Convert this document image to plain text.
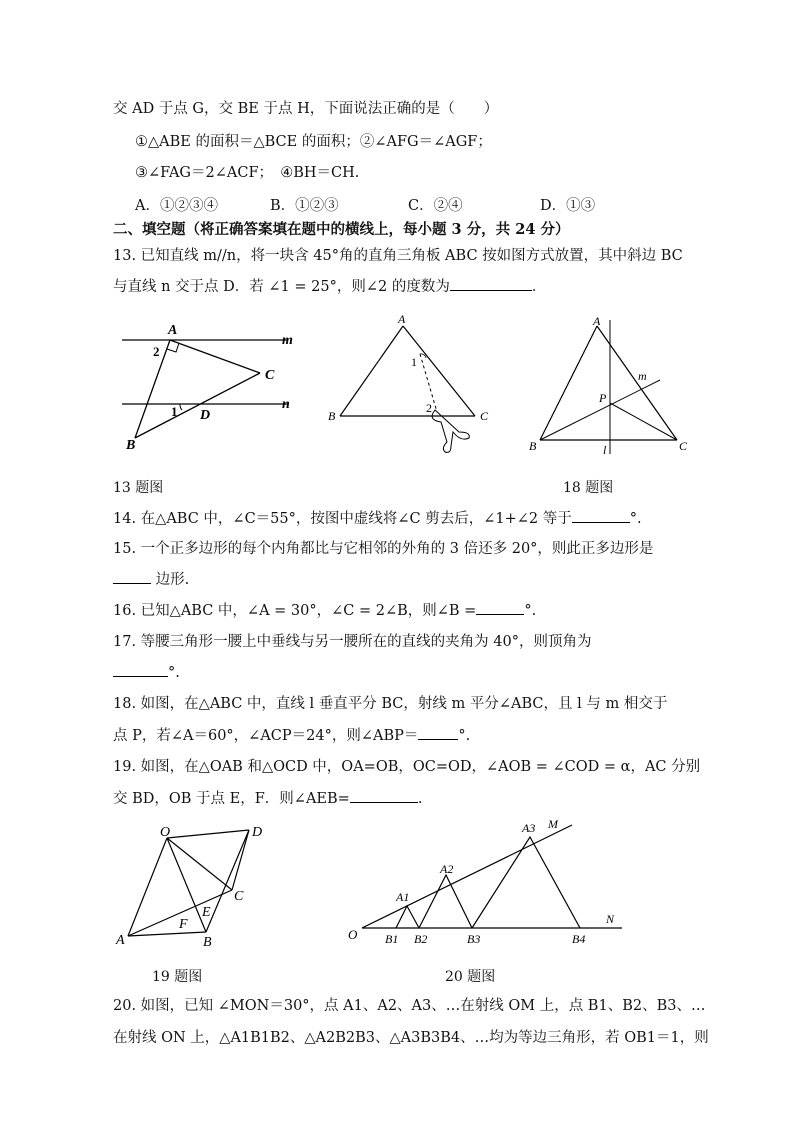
交 AD 于点 G，交 BE 于点 H，下面说法正确的是（　　）
①△ABE 的面积＝△BCE 的面积；②∠AFG＝∠AGF；
③∠FAG＝2∠ACF；　④BH＝CH.
A．①②③④	B．①②③	C．②④	D．①③
二、填空题（将正确答案填在题中的横线上，每小题 3 分，共 24 分）
13. 已知直线 m//n，将一块含 45°角的直角三角板 ABC 按如图方式放置，其中斜边 BC
与直线 n 交于点 D．若 ∠1 = 25°，则∠2 的度数为	．
A
m
2
C
1 D
n
B
A
1
2
B	C
A
m
P
B	l	C
13 题图	18 题图
14. 在△ABC 中，∠C＝55°，按图中虚线将∠C 剪去后，∠1+∠2 等于	°.
15. 一个正多边形的每个内角都比与它相邻的外角的 3 倍还多 20°，则此正多边形是
边形.
16. 已知△ABC 中，∠A = 30°，∠C = 2∠B，则∠B =	°.
17. 等腰三角形一腰上中垂线与另一腰所在的直线的夹角为 40°，则顶角为
°.
18. 如图，在△ABC 中，直线 l 垂直平分 BC，射线 m 平分∠ABC，且 l 与 m 相交于
点 P，若∠A＝60°，∠ACP＝24°，则∠ABP＝	°.
19. 如图，在△OAB 和△OCD 中，OA=OB，OC=OD，∠AOB = ∠COD = α，AC 分别
交 BD，OB 于点 E，F．则∠AEB=	.
O	D
C
E
F
A	B
A3 M
A2
A1
N
O B1 B2	B3	B4
19 题图	20 题图
20. 如图，已知 ∠MON＝30°，点 A1、A2、A3、…在射线 OM 上，点 B1、B2、B3、…
在射线 ON 上，△A1B1B2、△A2B2B3、△A3B3B4、…均为等边三角形，若 OB1＝1，则
